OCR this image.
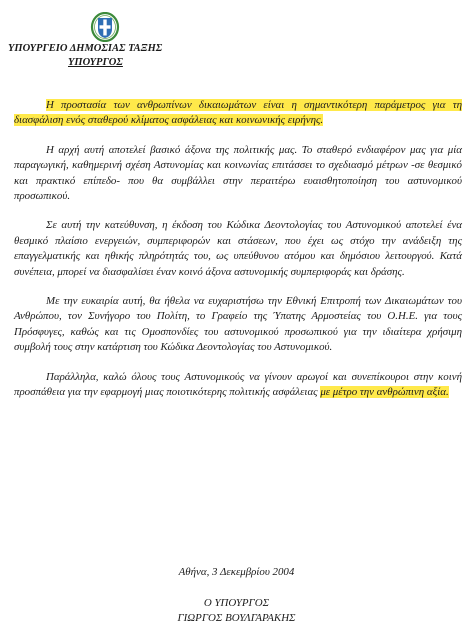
ΥΠΟΥΡΓΕΙΟ ΔΗΜΟΣΙΑΣ ΤΑΞΗΣ
ΥΠΟΥΡΓΟΣ

Η προστασία των ανθρωπίνων δικαιωμάτων είναι η σημαντικότερη παράμετρος για τη διασφάλιση ενός σταθερού κλίματος ασφάλειας και κοινωνικής ειρήνης.

Η αρχή αυτή αποτελεί βασικό άξονα της πολιτικής μας. Το σταθερό ενδιαφέρον μας για μία παραγωγική, καθημερινή σχέση Αστυνομίας και κοινωνίας επιτάσσει το σχεδιασμό μέτρων -σε θεσμικό και πρακτικό επίπεδο- που θα συμβάλλει στην περαιτέρω ευαισθητοποίηση του αστυνομικού προσωπικού.

Σε αυτή την κατεύθυνση, η έκδοση του Κώδικα Δεοντολογίας του Αστυνομικού αποτελεί ένα θεσμικό πλαίσιο ενεργειών, συμπεριφορών και στάσεων, που έχει ως στόχο την ανάδειξη της επαγγελματικής και ηθικής πληρότητάς του, ως υπεύθυνου ατόμου και δημόσιου λειτουργού. Κατά συνέπεια, μπορεί να διασφαλίσει έναν κοινό άξονα αστυνομικής συμπεριφοράς και δράσης.

Με την ευκαιρία αυτή, θα ήθελα να ευχαριστήσω την Εθνική Επιτροπή των Δικαιωμάτων του Ανθρώπου, τον Συνήγορο του Πολίτη, το Γραφείο της Ύπατης Αρμοστείας του Ο.Η.Ε. για τους Πρόσφυγες, καθώς και τις Ομοσπονδίες του αστυνομικού προσωπικού για την ιδιαίτερα χρήσιμη συμβολή τους στην κατάρτιση του Κώδικα Δεοντολογίας του Αστυνομικού.

Παράλληλα, καλώ όλους τους Αστυνομικούς να γίνουν αρωγοί και συνεπίκουροι στην κοινή προσπάθεια για την εφαρμογή μιας ποιοτικότερης πολιτικής ασφάλειας με μέτρο την ανθρώπινη αξία.

Αθήνα, 3 Δεκεμβρίου 2004
Ο ΥΠΟΥΡΓΟΣ
ΓΙΩΡΓΟΣ ΒΟΥΛΓΑΡΑΚΗΣ
